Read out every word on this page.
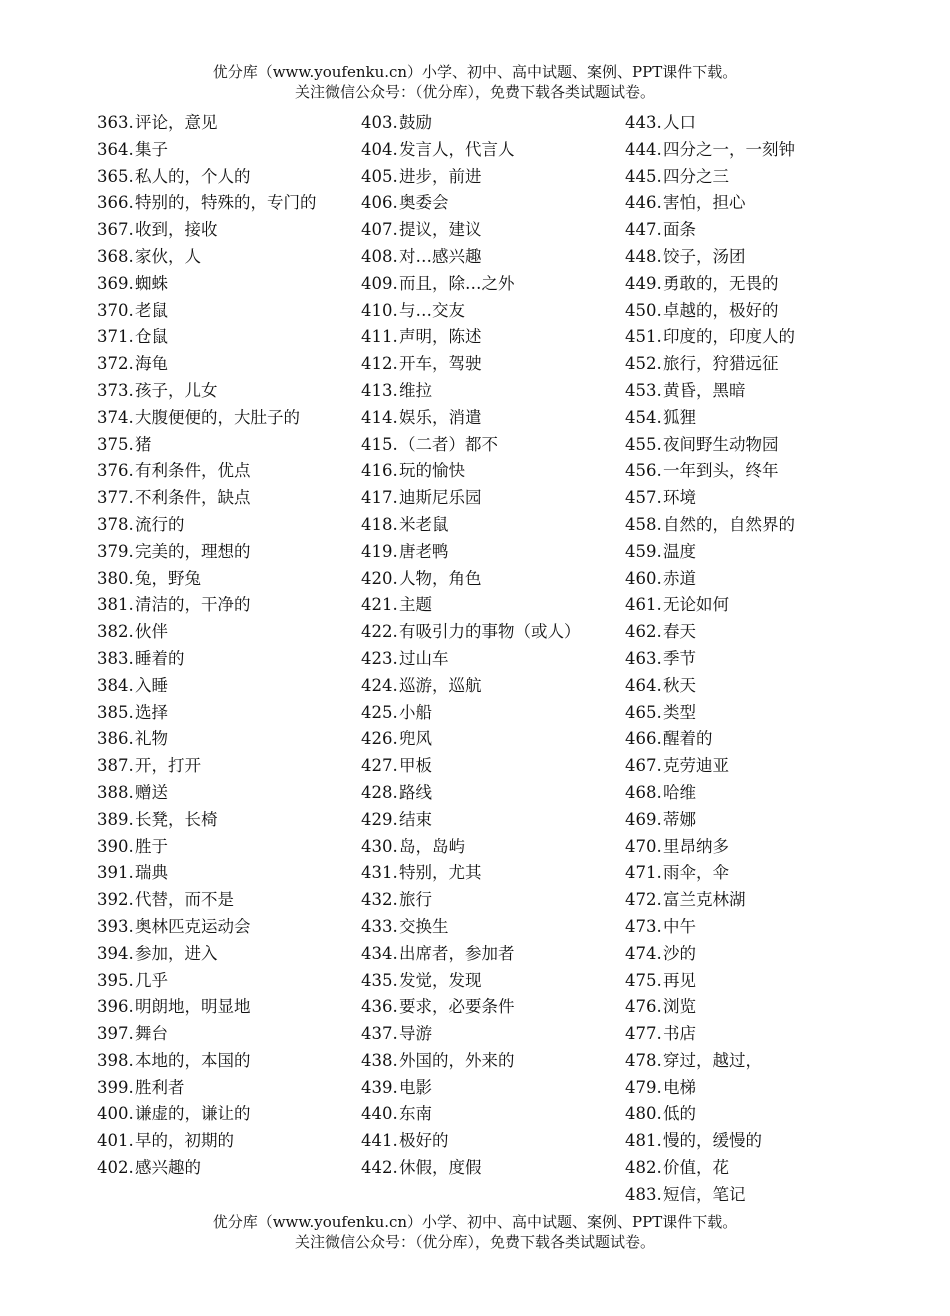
优分库（www.youfenku.cn）小学、初中、高中试题、案例、PPT课件下载。
关注微信公众号：（优分库），免费下载各类试题试卷。
363. 评论，意见
364. 集子
365. 私人的，个人的
366. 特别的，特殊的，专门的
367. 收到，接收
368. 家伙，人
369. 蜘蛛
370. 老鼠
371. 仓鼠
372. 海龟
373. 孩子，儿女
374. 大腹便便的，大肚子的
375. 猪
376. 有利条件，优点
377. 不利条件，缺点
378. 流行的
379. 完美的，理想的
380. 兔，野兔
381. 清洁的，干净的
382. 伙伴
383. 睡着的
384. 入睡
385. 选择
386. 礼物
387. 开，打开
388. 赠送
389. 长凳，长椅
390. 胜于
391. 瑞典
392. 代替，而不是
393. 奥林匹克运动会
394. 参加，进入
395. 几乎
396. 明朗地，明显地
397. 舞台
398. 本地的，本国的
399. 胜利者
400. 谦虚的，谦让的
401. 早的，初期的
402. 感兴趣的
403. 鼓励
404. 发言人，代言人
405. 进步，前进
406. 奥委会
407. 提议，建议
408. 对…感兴趣
409. 而且，除…之外
410. 与…交友
411. 声明，陈述
412. 开车，驾驶
413. 维拉
414. 娱乐，消遣
415. （二者）都不
416. 玩的愉快
417. 迪斯尼乐园
418. 米老鼠
419. 唐老鸭
420. 人物，角色
421. 主题
422. 有吸引力的事物（或人）
423. 过山车
424. 巡游，巡航
425. 小船
426. 兜风
427. 甲板
428. 路线
429. 结束
430. 岛，岛屿
431. 特别，尤其
432. 旅行
433. 交换生
434. 出席者，参加者
435. 发觉，发现
436. 要求，必要条件
437. 导游
438. 外国的，外来的
439. 电影
440. 东南
441. 极好的
442. 休假，度假
443. 人口
444. 四分之一，一刻钟
445. 四分之三
446. 害怕，担心
447. 面条
448. 饺子，汤团
449. 勇敢的，无畏的
450. 卓越的，极好的
451. 印度的，印度人的
452. 旅行，狩猎远征
453. 黄昏，黑暗
454. 狐狸
455. 夜间野生动物园
456. 一年到头，终年
457. 环境
458. 自然的，自然界的
459. 温度
460. 赤道
461. 无论如何
462. 春天
463. 季节
464. 秋天
465. 类型
466. 醒着的
467. 克劳迪亚
468. 哈维
469. 蒂娜
470. 里昂纳多
471. 雨伞，伞
472. 富兰克林湖
473. 中午
474. 沙的
475. 再见
476. 浏览
477. 书店
478. 穿过，越过，
479. 电梯
480. 低的
481. 慢的，缓慢的
482. 价值，花
483. 短信，笔记
优分库（www.youfenku.cn）小学、初中、高中试题、案例、PPT课件下载。
关注微信公众号：（优分库），免费下载各类试题试卷。
